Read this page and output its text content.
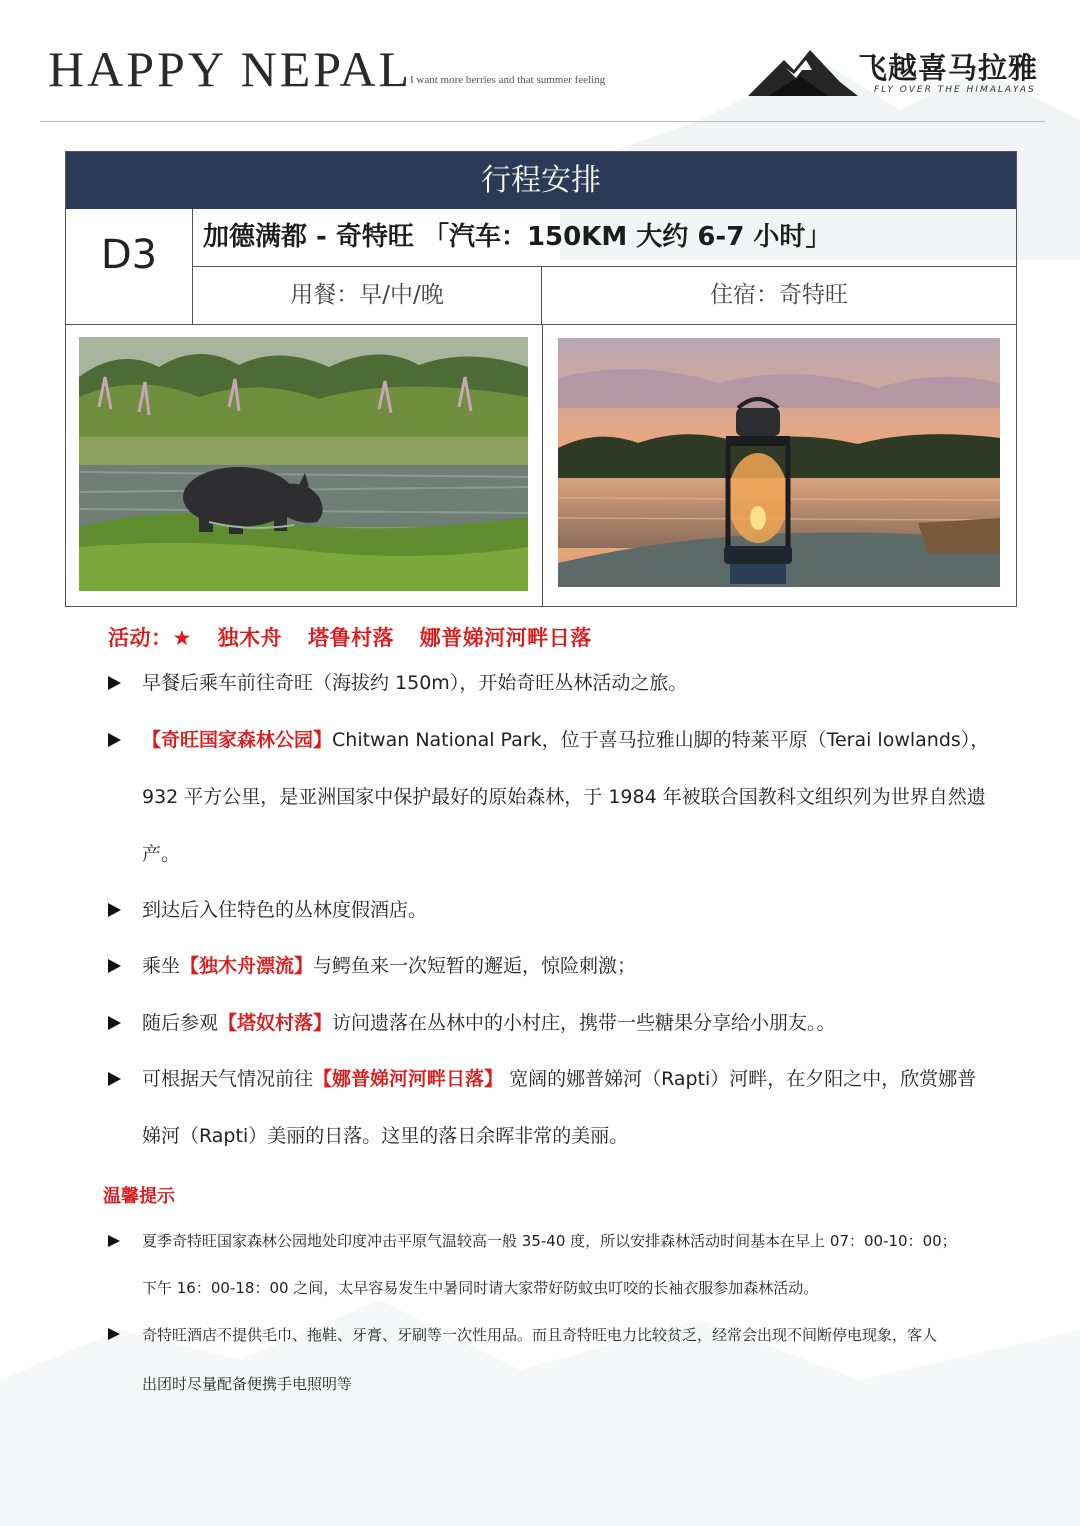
HAPPY NEPAL
I want more berries and that summer feeling	飞越喜马拉雅
FLY OVER THE HIMALAYAS
行程安排
D3	加德满都 - 奇特旺 「汽车：150KM 大约 6-7 小时」
用餐：早/中/晚	住宿：奇特旺
活动：★ 独木舟 塔鲁村落 娜普娣河河畔日落
早餐后乘车前往奇旺（海拔约 150m），开始奇旺丛林活动之旅。
【奇旺国家森林公园】Chitwan National Park，位于喜马拉雅山脚的特莱平原（Terai lowlands），
932 平方公里，是亚洲国家中保护最好的原始森林，于 1984 年被联合国教科文组织列为世界自然遗
产。
到达后入住特色的丛林度假酒店。
乘坐【独木舟漂流】与鳄鱼来一次短暂的邂逅，惊险刺激；
随后参观【塔奴村落】访问遗落在丛林中的小村庄，携带一些糖果分享给小朋友。。
可根据天气情况前往【娜普娣河河畔日落】 宽阔的娜普娣河（Rapti）河畔，在夕阳之中，欣赏娜普
娣河（Rapti）美丽的日落。这里的落日余晖非常的美丽。
温馨提示
夏季奇特旺国家森林公园地处印度冲击平原气温较高一般 35-40 度，所以安排森林活动时间基本在早上 07：00-10：00；
下午 16：00-18：00 之间，太早容易发生中暑同时请大家带好防蚊虫叮咬的长袖衣服参加森林活动。
奇特旺酒店不提供毛巾、拖鞋、牙膏、牙刷等一次性用品。而且奇特旺电力比较贫乏，经常会出现不间断停电现象，客人
出团时尽量配备便携手电照明等
